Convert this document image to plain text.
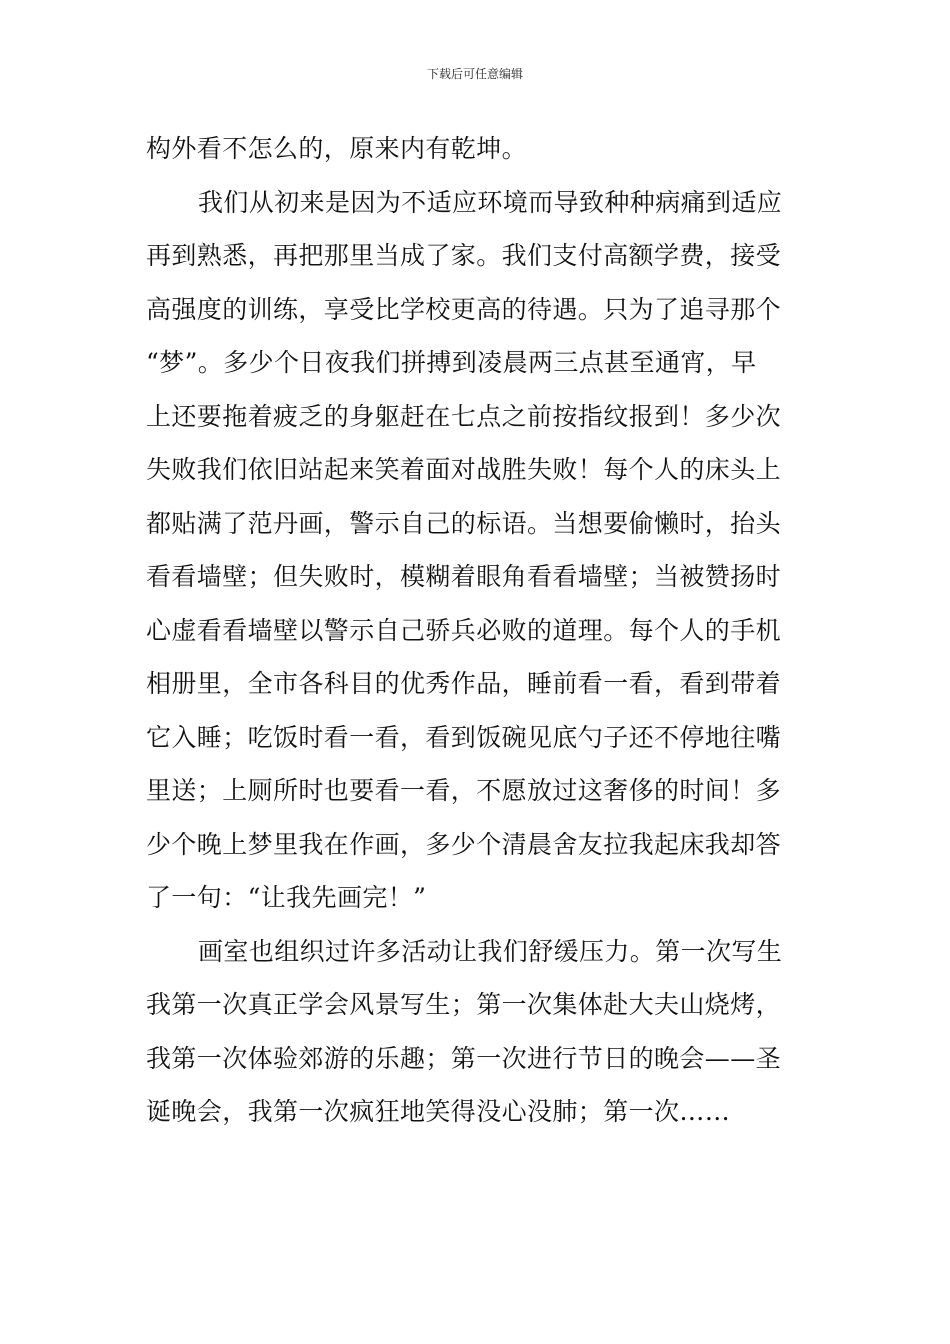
下载后可任意编辑
构外看不怎么的，原来内有乾坤。
我们从初来是因为不适应环境而导致种种病痛到适应
再到熟悉，再把那里当成了家。我们支付高额学费，接受
高强度的训练，享受比学校更高的待遇。只为了追寻那个
“梦”。多少个日夜我们拼搏到凌晨两三点甚至通宵，早
上还要拖着疲乏的身躯赶在七点之前按指纹报到！多少次
失败我们依旧站起来笑着面对战胜失败！每个人的床头上
都贴满了范丹画，警示自己的标语。当想要偷懒时，抬头
看看墙壁；但失败时，模糊着眼角看看墙壁；当被赞扬时
心虚看看墙壁以警示自己骄兵必败的道理。每个人的手机
相册里，全市各科目的优秀作品，睡前看一看，看到带着
它入睡；吃饭时看一看，看到饭碗见底勺子还不停地往嘴
里送；上厕所时也要看一看，不愿放过这奢侈的时间！多
少个晚上梦里我在作画，多少个清晨舍友拉我起床我却答
了一句：“让我先画完！”
画室也组织过许多活动让我们舒缓压力。第一次写生
我第一次真正学会风景写生；第一次集体赴大夫山烧烤，
我第一次体验郊游的乐趣；第一次进行节日的晚会——圣
诞晚会，我第一次疯狂地笑得没心没肺；第一次……
